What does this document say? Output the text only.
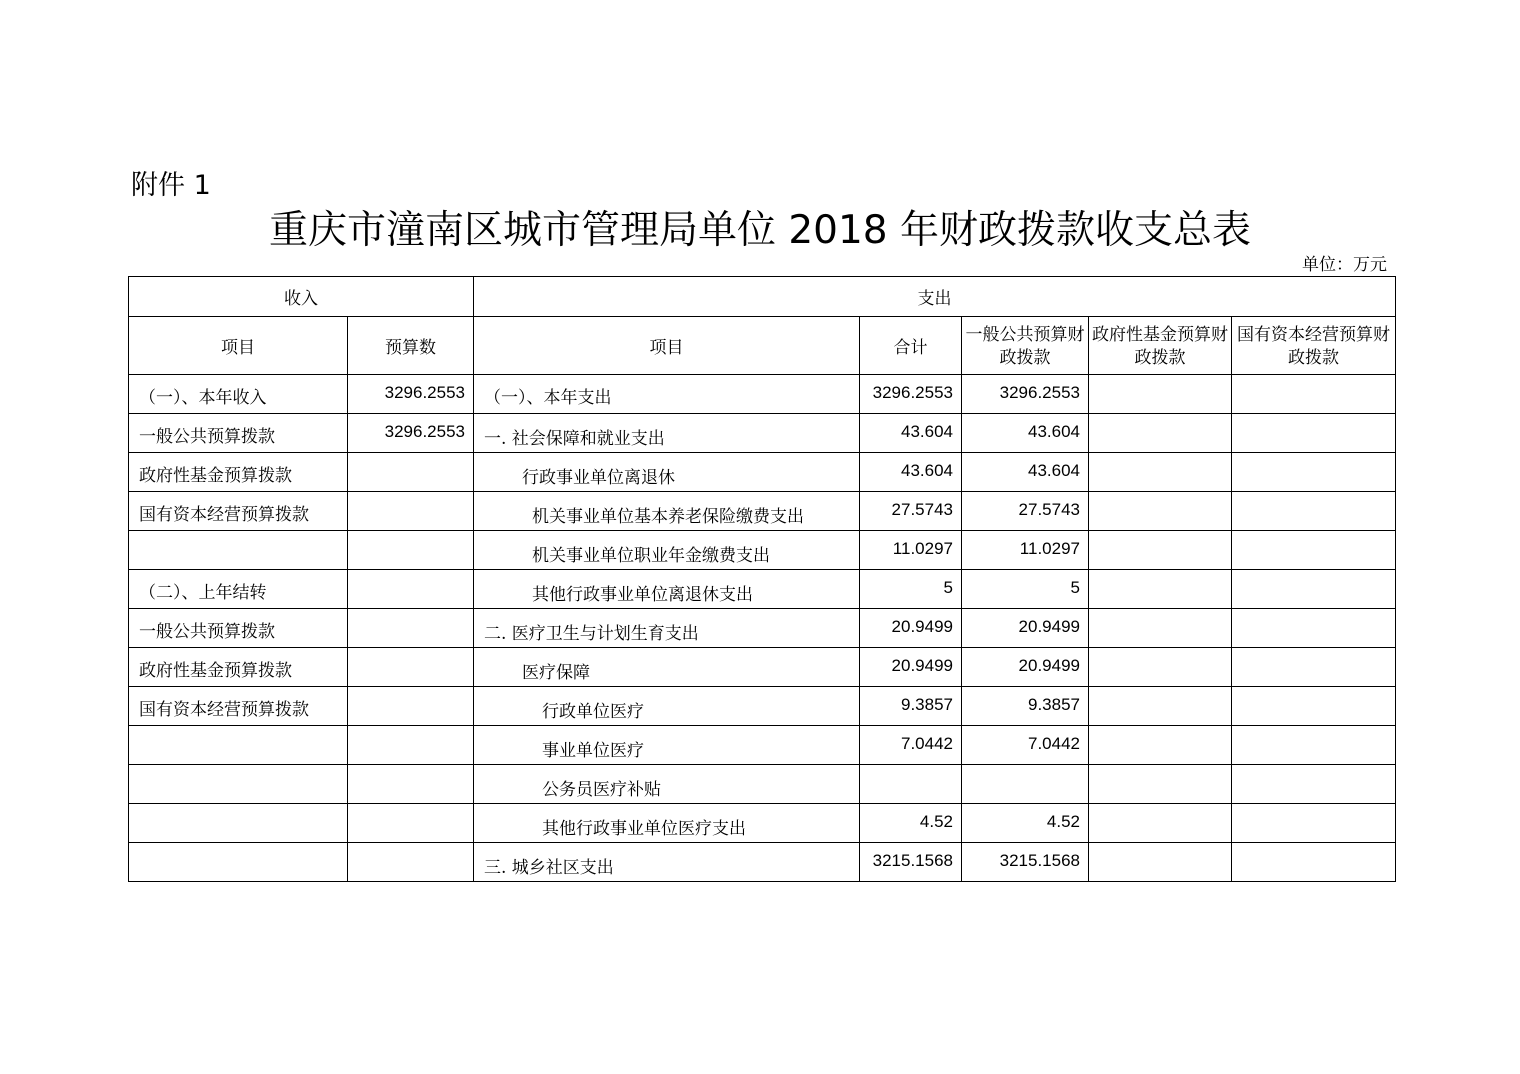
附件 1
重庆市潼南区城市管理局单位 2018 年财政拨款收支总表
单位：万元
收入		支出				
项目	预算数	项目	合计	一般公共预算财政拨款	政府性基金预算财政拨款	国有资本经营预算财政拨款
（一）、本年收入	3296.2553	（一）、本年支出	3296.2553	3296.2553		
一般公共预算拨款	3296.2553	一. 社会保障和就业支出	43.604	43.604		
政府性基金预算拨款		行政事业单位离退休	43.604	43.604		
国有资本经营预算拨款		机关事业单位基本养老保险缴费支出	27.5743	27.5743		
		机关事业单位职业年金缴费支出	11.0297	11.0297		
（二）、上年结转		其他行政事业单位离退休支出	5	5		
一般公共预算拨款		二. 医疗卫生与计划生育支出	20.9499	20.9499		
政府性基金预算拨款		医疗保障	20.9499	20.9499		
国有资本经营预算拨款		行政单位医疗	9.3857	9.3857		
		事业单位医疗	7.0442	7.0442		
		公务员医疗补贴				
		其他行政事业单位医疗支出	4.52	4.52		
		三. 城乡社区支出	3215.1568	3215.1568		
